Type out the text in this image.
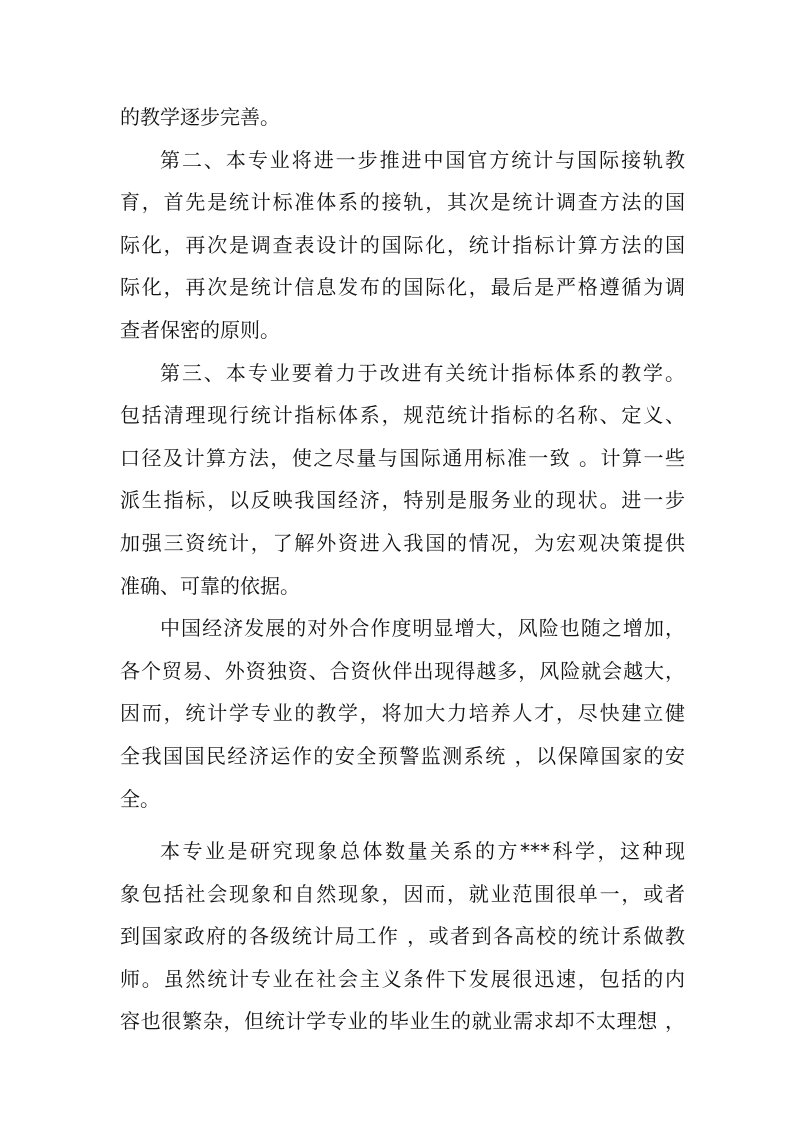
的教学逐步完善。
第二、本专业将进一步推进中国官方统计与国际接轨教
育，首先是统计标准体系的接轨，其次是统计调查方法的国
际化，再次是调查表设计的国际化，统计指标计算方法的国
际化，再次是统计信息发布的国际化，最后是严格遵循为调
查者保密的原则。
第三、本专业要着力于改进有关统计指标体系的教学。
包括清理现行统计指标体系，规范统计指标的名称、定义、
口径及计算方法，使之尽量与国际通用标准一致 。计算一些
派生指标，以反映我国经济，特别是服务业的现状。进一步
加强三资统计，了解外资进入我国的情况，为宏观决策提供
准确、可靠的依据。
中国经济发展的对外合作度明显增大，风险也随之增加，
各个贸易、外资独资、合资伙伴出现得越多，风险就会越大，
因而，统计学专业的教学，将加大力培养人才，尽快建立健
全我国国民经济运作的安全预警监测系统 ，以保障国家的安
全。
本专业是研究现象总体数量关系的方***科学，这种现
象包括社会现象和自然现象，因而，就业范围很单一，或者
到国家政府的各级统计局工作 ，或者到各高校的统计系做教
师。虽然统计专业在社会主义条件下发展很迅速，包括的内
容也很繁杂，但统计学专业的毕业生的就业需求却不太理想 ，
